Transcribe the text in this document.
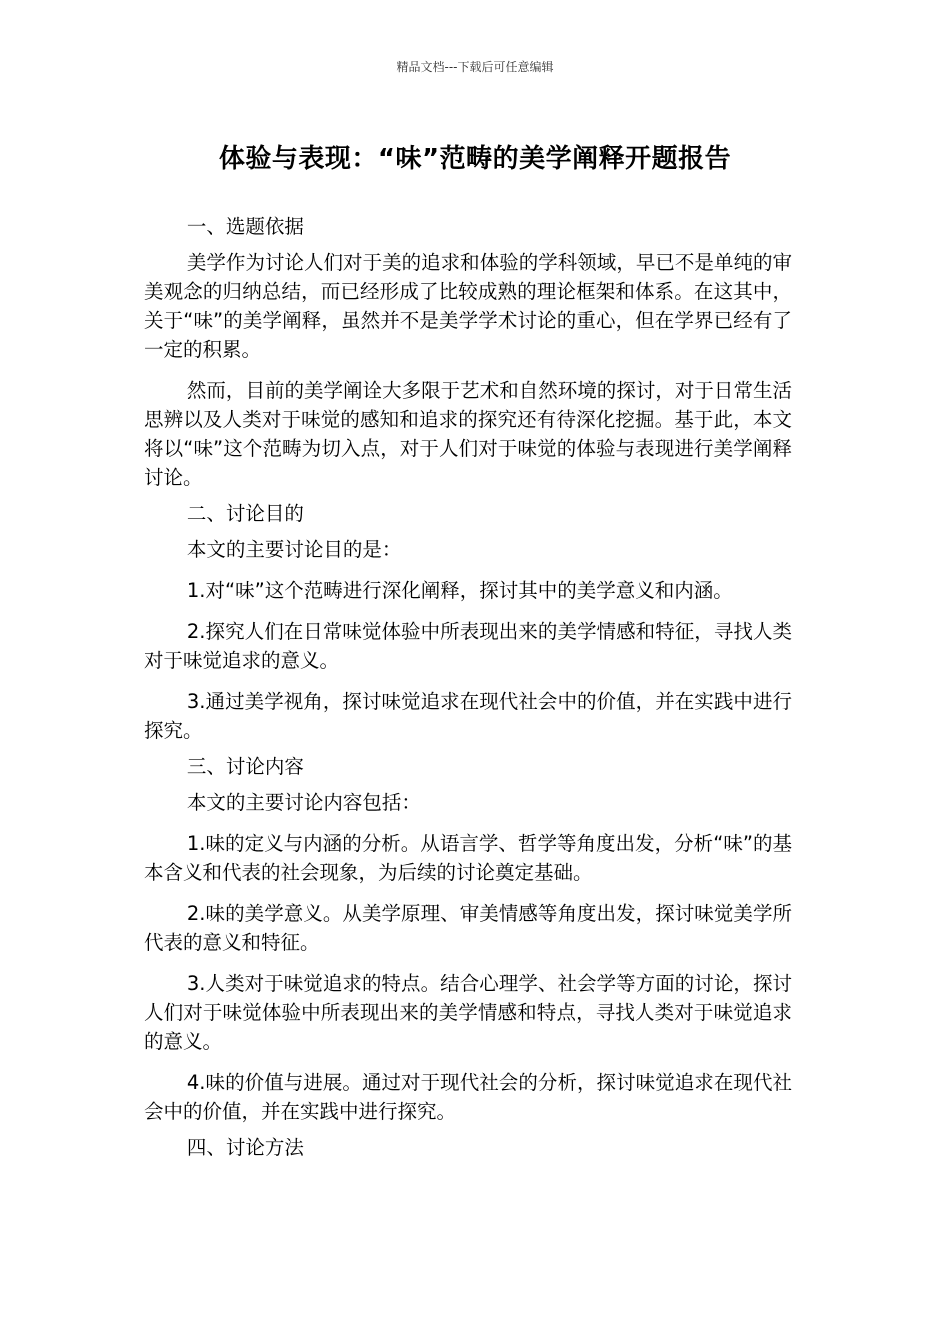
精品文档---下载后可任意编辑

体验与表现：“味”范畴的美学阐释开题报告

一、选题依据

美学作为讨论人们对于美的追求和体验的学科领域，早已不是单纯的审美观念的归纳总结，而已经形成了比较成熟的理论框架和体系。在这其中，关于“味”的美学阐释，虽然并不是美学学术讨论的重心，但在学界已经有了一定的积累。

然而，目前的美学阐诠大多限于艺术和自然环境的探讨，对于日常生活思辨以及人类对于味觉的感知和追求的探究还有待深化挖掘。基于此，本文将以“味”这个范畴为切入点，对于人们对于味觉的体验与表现进行美学阐释讨论。

二、讨论目的

本文的主要讨论目的是：

1.对“味”这个范畴进行深化阐释，探讨其中的美学意义和内涵。

2.探究人们在日常味觉体验中所表现出来的美学情感和特征，寻找人类对于味觉追求的意义。

3.通过美学视角，探讨味觉追求在现代社会中的价值，并在实践中进行探究。

三、讨论内容

本文的主要讨论内容包括：

1.味的定义与内涵的分析。从语言学、哲学等角度出发，分析“味”的基本含义和代表的社会现象，为后续的讨论奠定基础。

2.味的美学意义。从美学原理、审美情感等角度出发，探讨味觉美学所代表的意义和特征。

3.人类对于味觉追求的特点。结合心理学、社会学等方面的讨论，探讨人们对于味觉体验中所表现出来的美学情感和特点，寻找人类对于味觉追求的意义。

4.味的价值与进展。通过对于现代社会的分析，探讨味觉追求在现代社会中的价值，并在实践中进行探究。

四、讨论方法
